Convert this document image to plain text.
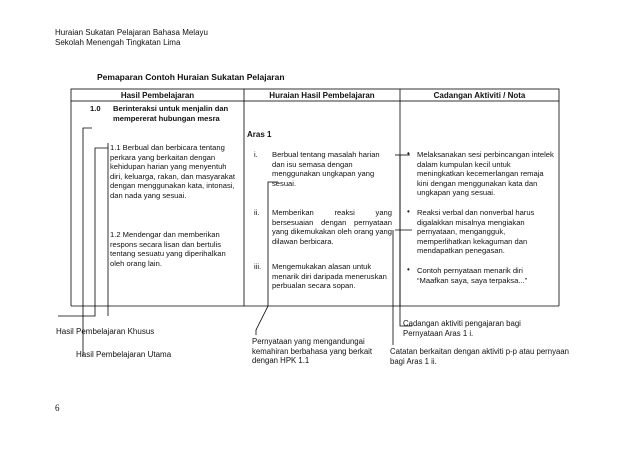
Huraian Sukatan Pelajaran Bahasa Melayu
Sekolah Menengah Tingkatan Lima
Pemaparan Contoh Huraian Sukatan Pelajaran
Hasil Pembelajaran	Huraian Hasil Pembelajaran	Cadangan Aktiviti / Nota
1.0 Berinteraksi untuk menjalin dan mempererat hubungan mesra
1.1 Berbual dan berbicara tentang perkara yang berkaitan dengan kehidupan harian yang menyentuh diri, keluarga, rakan, dan masyarakat dengan menggunakan kata, intonasi, dan nada yang sesuai.
1.2 Mendengar dan memberikan respons secara lisan dan bertulis tentang sesuatu yang diperihalkan oleh orang lain.
Aras 1
i. Berbual tentang masalah harian dan isu semasa dengan menggunakan ungkapan yang sesuai.
ii. Memberikan reaksi yang bersesuaian dengan pernyataan yang dikemukakan oleh orang yang dilawan berbicara.
iii. Mengemukakan alasan untuk menarik diri daripada meneruskan perbualan secara sopan.
• Melaksanakan sesi perbincangan intelek dalam kumpulan kecil untuk meningkatkan kecemerlangan remaja kini dengan menggunakan kata dan ungkapan yang sesuai.
• Reaksi verbal dan nonverbal harus digalakkan misalnya mengiakan pernyataan, mengangguk, memperlihatkan kekaguman dan mendapatkan penegasan.
• Contoh pernyataan menarik diri “Maafkan saya, saya terpaksa...”
Hasil Pembelajaran Khusus
Hasil Pembelajaran Utama
Pernyataan yang mengandungai kemahiran berbahasa yang berkait dengan HPK 1.1
Cadangan aktiviti pengajaran bagi Pernyataan Aras 1 i.
Catatan berkaitan dengan aktiviti p-p atau pernyaan bagi Aras 1 ii.
6
